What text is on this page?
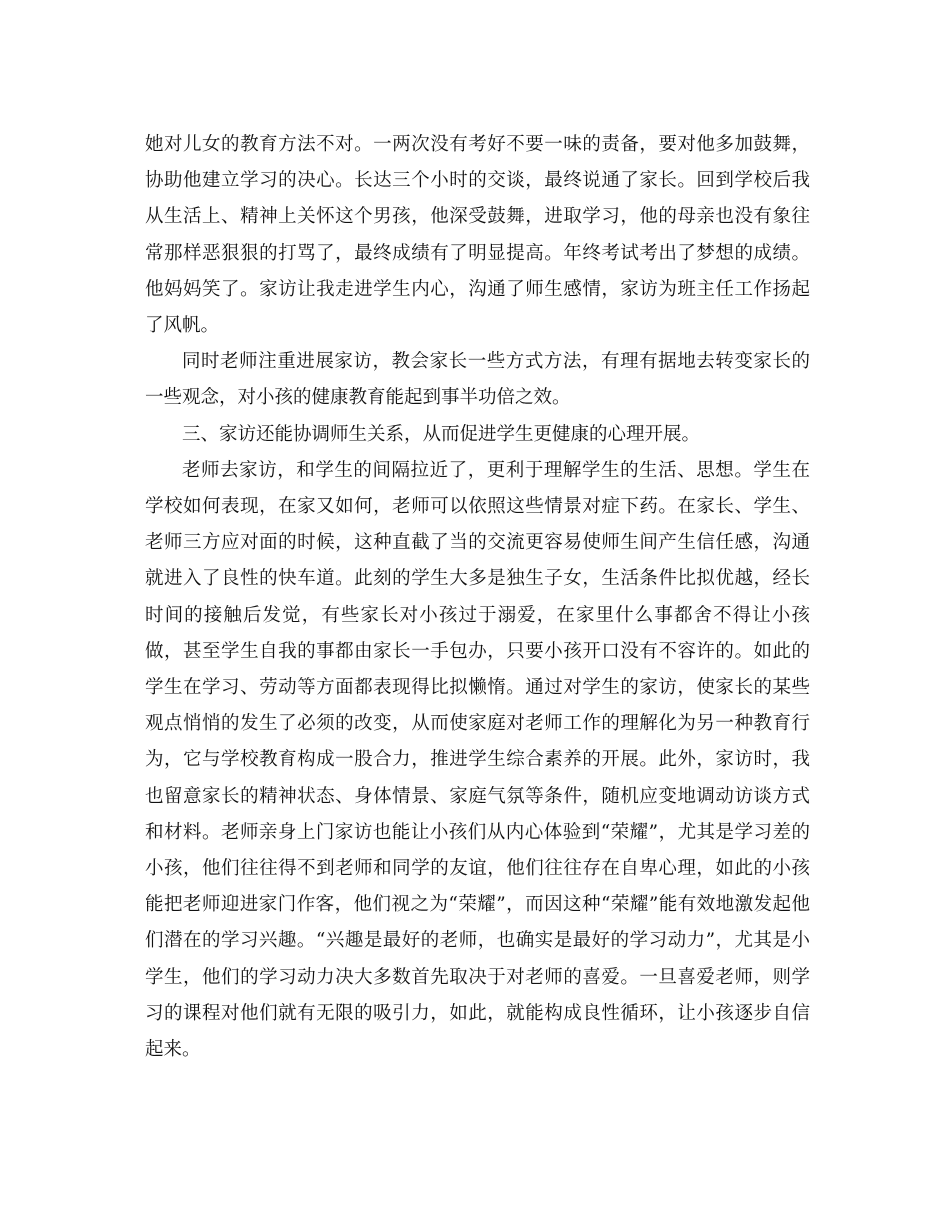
她对儿女的教育方法不对。一两次没有考好不要一味的责备，要对他多加鼓舞，协助他建立学习的决心。长达三个小时的交谈，最终说通了家长。回到学校后我从生活上、精神上关怀这个男孩，他深受鼓舞，进取学习，他的母亲也没有象往常那样恶狠狠的打骂了，最终成绩有了明显提高。年终考试考出了梦想的成绩。他妈妈笑了。家访让我走进学生内心，沟通了师生感情，家访为班主任工作扬起了风帆。

同时老师注重进展家访，教会家长一些方式方法，有理有据地去转变家长的一些观念，对小孩的健康教育能起到事半功倍之效。

三、家访还能协调师生关系，从而促进学生更健康的心理开展。

老师去家访，和学生的间隔拉近了，更利于理解学生的生活、思想。学生在学校如何表现，在家又如何，老师可以依照这些情景对症下药。在家长、学生、老师三方应对面的时候，这种直截了当的交流更容易使师生间产生信任感，沟通就进入了良性的快车道。此刻的学生大多是独生子女，生活条件比拟优越，经长时间的接触后发觉，有些家长对小孩过于溺爱，在家里什么事都舍不得让小孩做，甚至学生自我的事都由家长一手包办，只要小孩开口没有不容许的。如此的学生在学习、劳动等方面都表现得比拟懒惰。通过对学生的家访，使家长的某些观点悄悄的发生了必须的改变，从而使家庭对老师工作的理解化为另一种教育行为，它与学校教育构成一股合力，推进学生综合素养的开展。此外，家访时，我也留意家长的精神状态、身体情景、家庭气氛等条件，随机应变地调动访谈方式和材料。老师亲身上门家访也能让小孩们从内心体验到“荣耀”，尤其是学习差的小孩，他们往往得不到老师和同学的友谊，他们往往存在自卑心理，如此的小孩能把老师迎进家门作客，他们视之为“荣耀”，而因这种“荣耀”能有效地激发起他们潜在的学习兴趣。“兴趣是最好的老师，也确实是最好的学习动力”，尤其是小学生，他们的学习动力决大多数首先取决于对老师的喜爱。一旦喜爱老师，则学习的课程对他们就有无限的吸引力，如此，就能构成良性循环，让小孩逐步自信起来。
